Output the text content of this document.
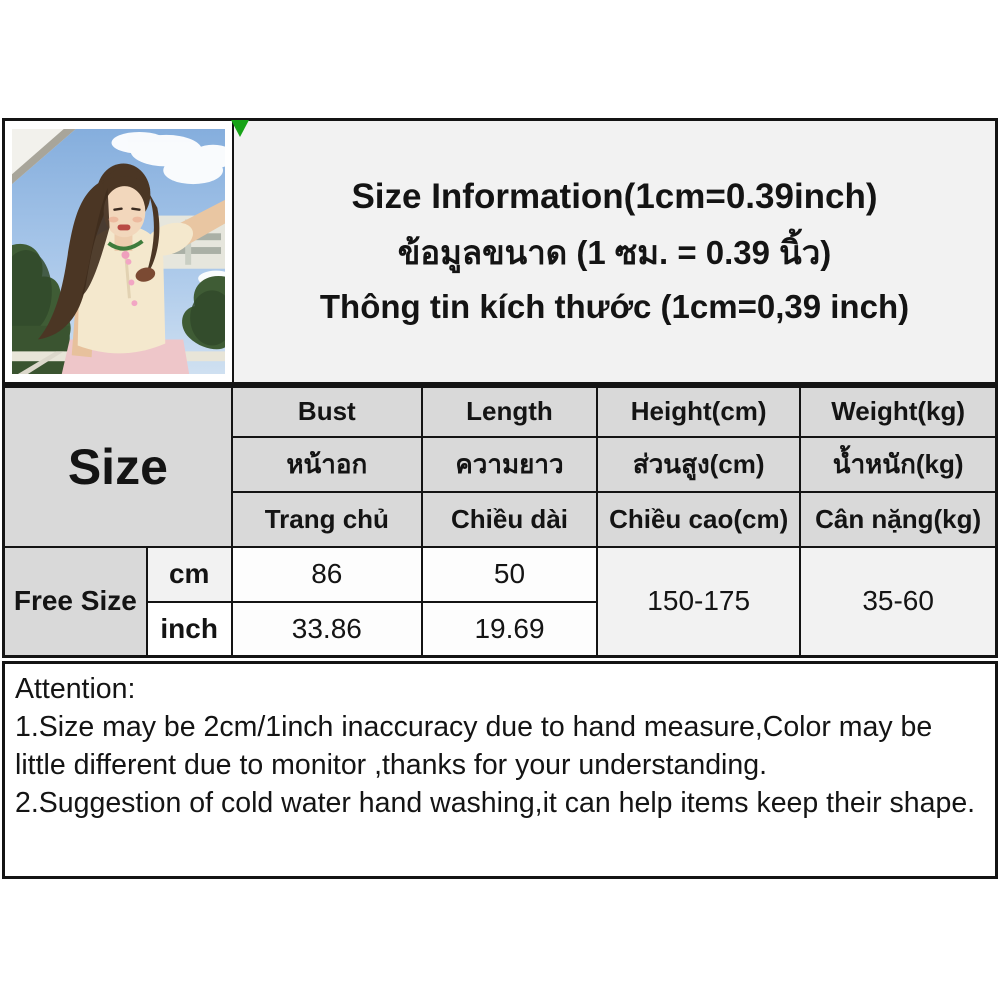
Size Information(1cm=0.39inch)
ข้อมูลขนาด (1 ซม. = 0.39 นิ้ว)
Thông tin kích thước (1cm=0,39 inch)
Size		Bust	Length	Height(cm)	Weight(kg)
		หน้าอก	ความยาว	ส่วนสูง(cm)	น้ำหนัก(kg)
		Trang chủ	Chiều dài	Chiều cao(cm)	Cân nặng(kg)
Free Size	cm	86	50	150-175	35-60
	inch	33.86	19.69		

Attention:

1.Size may be 2cm/1inch inaccuracy due to hand measure,Color may be

little different due to monitor ,thanks for your understanding.

2.Suggestion of cold water hand washing,it can help items keep their shape.
